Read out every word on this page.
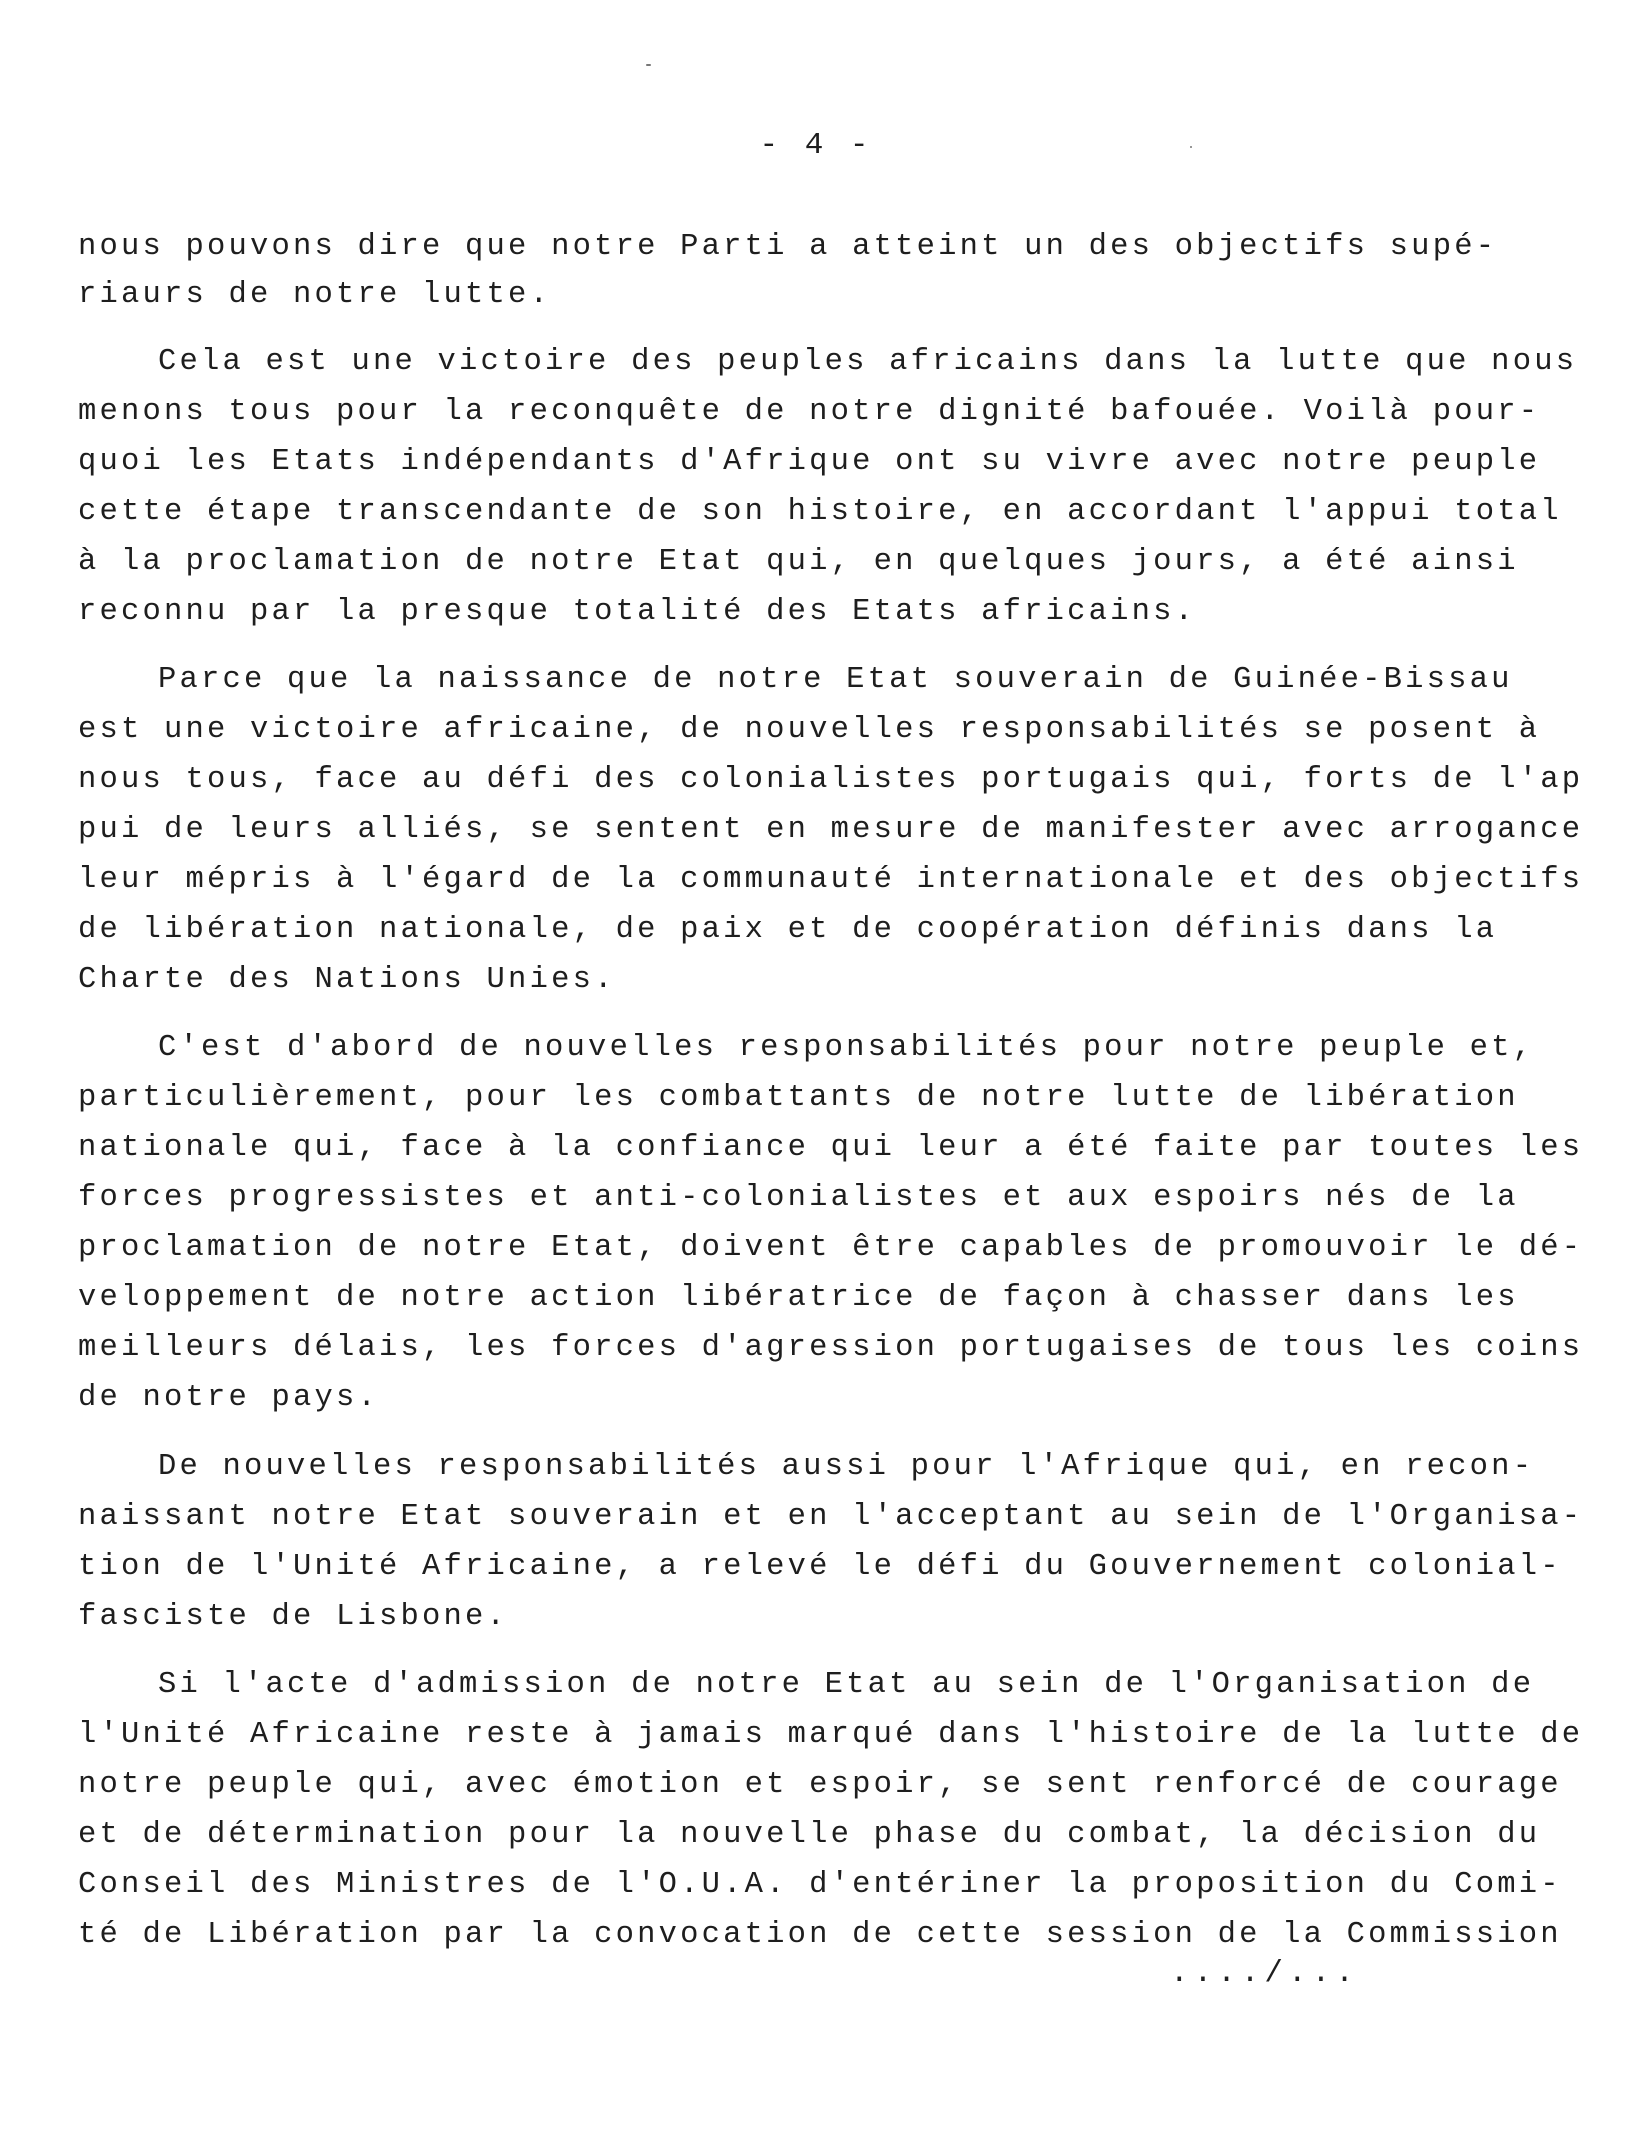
- 4 -
nous pouvons dire que notre Parti a atteint un des objectifs supé-
riaurs de notre lutte.
Cela est une victoire des peuples africains dans la lutte que nous
menons tous pour la reconquête de notre dignité bafouée. Voilà pour-
quoi les Etats indépendants d'Afrique ont su vivre avec notre peuple
cette étape transcendante de son histoire, en accordant l'appui total
à la proclamation de notre Etat qui, en quelques jours, a été ainsi
reconnu par la presque totalité des Etats africains.
Parce que la naissance de notre Etat souverain de Guinée-Bissau
est une victoire africaine, de nouvelles responsabilités se posent à
nous tous, face au défi des colonialistes portugais qui, forts de l'ap
pui de leurs alliés, se sentent en mesure de manifester avec arrogance
leur mépris à l'égard de la communauté internationale et des objectifs
de libération nationale, de paix et de coopération définis dans la
Charte des Nations Unies.
C'est d'abord de nouvelles responsabilités pour notre peuple et,
particulièrement, pour les combattants de notre lutte de libération
nationale qui, face à la confiance qui leur a été faite par toutes les
forces progressistes et anti-colonialistes et aux espoirs nés de la
proclamation de notre Etat, doivent être capables de promouvoir le dé-
veloppement de notre action libératrice de façon à chasser dans les
meilleurs délais, les forces d'agression portugaises de tous les coins
de notre pays.
De nouvelles responsabilités aussi pour l'Afrique qui, en recon-
naissant notre Etat souverain et en l'acceptant au sein de l'Organisa-
tion de l'Unité Africaine, a relevé le défi du Gouvernement colonial-
fasciste de Lisbone.
Si l'acte d'admission de notre Etat au sein de l'Organisation de
l'Unité Africaine reste à jamais marqué dans l'histoire de la lutte de
notre peuple qui, avec émotion et espoir, se sent renforcé de courage
et de détermination pour la nouvelle phase du combat, la décision du
Conseil des Ministres de l'O.U.A. d'entériner la proposition du Comi-
té de Libération par la convocation de cette session de la Commission
..../...
